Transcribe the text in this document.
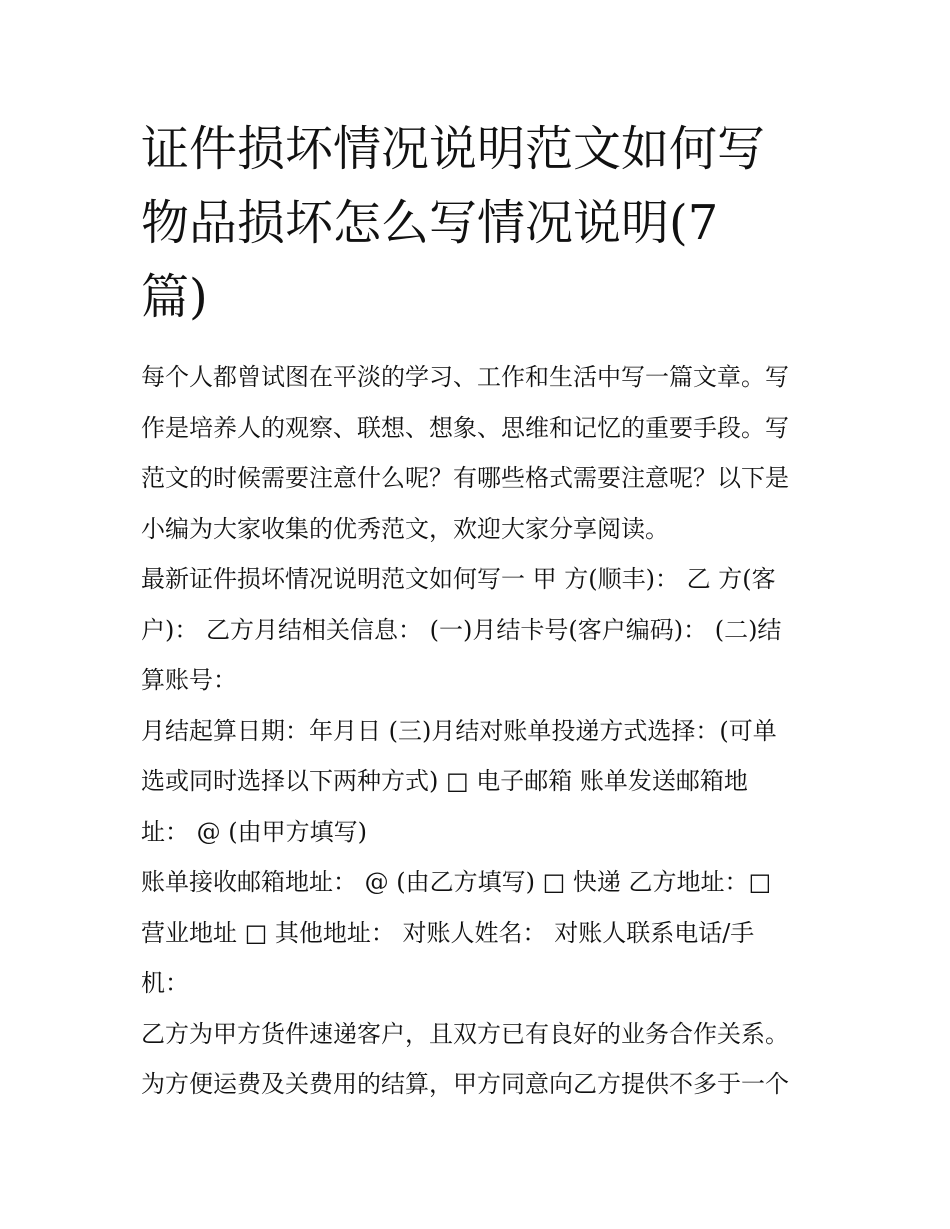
证件损坏情况说明范文如何写
物品损坏怎么写情况说明(7
篇)

每个人都曾试图在平淡的学习、工作和生活中写一篇文章。写
作是培养人的观察、联想、想象、思维和记忆的重要手段。写
范文的时候需要注意什么呢？有哪些格式需要注意呢？以下是
小编为大家收集的优秀范文，欢迎大家分享阅读。

最新证件损坏情况说明范文如何写一 甲 方(顺丰)： 乙 方(客
户)： 乙方月结相关信息： (一)月结卡号(客户编码)： (二)结
算账号：

月结起算日期：年月日 (三)月结对账单投递方式选择：(可单
选或同时选择以下两种方式) □ 电子邮箱 账单发送邮箱地
址： @ (由甲方填写)

账单接收邮箱地址： @ (由乙方填写) □ 快递 乙方地址：□
营业地址 □ 其他地址： 对账人姓名： 对账人联系电话/手
机：

乙方为甲方货件速递客户，且双方已有良好的业务合作关系。
为方便运费及关费用的结算，甲方同意向乙方提供不多于一个
